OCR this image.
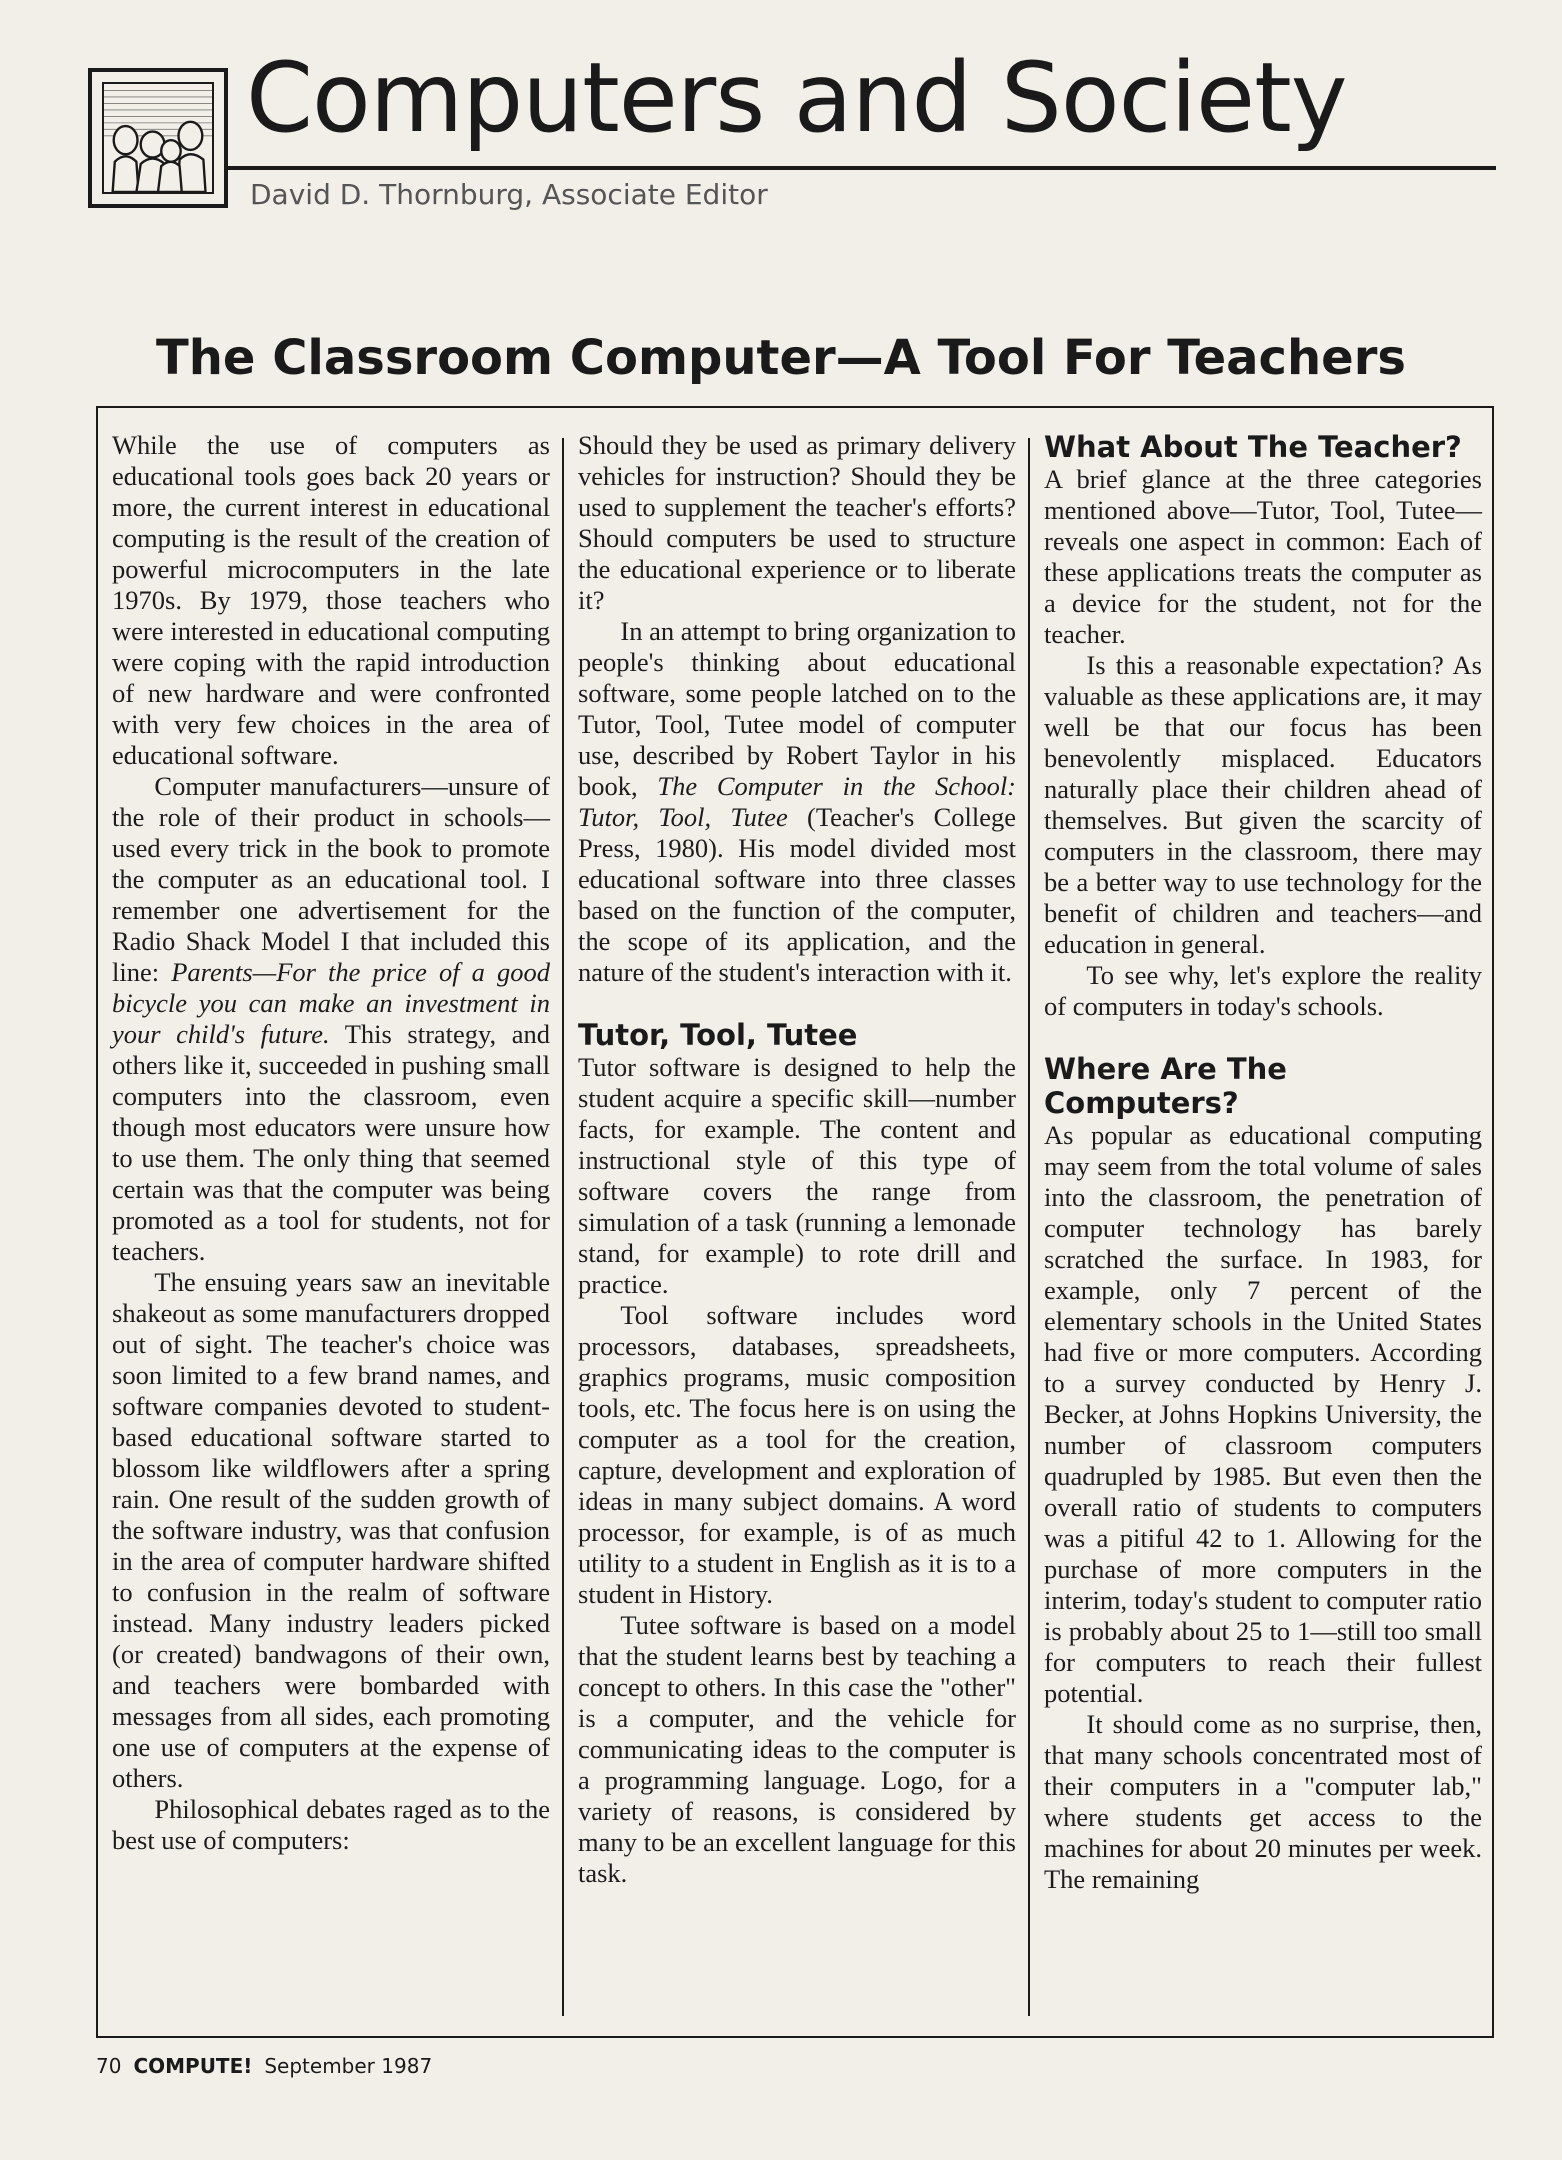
Computers and Society
David D. Thornburg, Associate Editor
The Classroom Computer—A Tool For Teachers

While the use of computers as educational tools goes back 20 years or more, the current interest in educational computing is the result of the creation of powerful microcomputers in the late 1970s. By 1979, those teachers who were interested in educational computing were coping with the rapid introduction of new hardware and were confronted with very few choices in the area of educational software.

Computer manufacturers—unsure of the role of their product in schools—used every trick in the book to promote the computer as an educational tool. I remember one advertisement for the Radio Shack Model I that included this line: Parents—For the price of a good bicycle you can make an investment in your child's future. This strategy, and others like it, succeeded in pushing small computers into the classroom, even though most educators were unsure how to use them. The only thing that seemed certain was that the computer was being promoted as a tool for students, not for teachers.

The ensuing years saw an inevitable shakeout as some manufacturers dropped out of sight. The teacher's choice was soon limited to a few brand names, and software companies devoted to student-based educational software started to blossom like wildflowers after a spring rain. One result of the sudden growth of the software industry, was that confusion in the area of computer hardware shifted to confusion in the realm of software instead. Many industry leaders picked (or created) bandwagons of their own, and teachers were bombarded with messages from all sides, each promoting one use of computers at the expense of others.

Philosophical debates raged as to the best use of computers:

Should they be used as primary delivery vehicles for instruction? Should they be used to supplement the teacher's efforts? Should computers be used to structure the educational experience or to liberate it?

In an attempt to bring organization to people's thinking about educational software, some people latched on to the Tutor, Tool, Tutee model of computer use, described by Robert Taylor in his book, The Computer in the School: Tutor, Tool, Tutee (Teacher's College Press, 1980). His model divided most educational software into three classes based on the function of the computer, the scope of its application, and the nature of the student's interaction with it.

Tutor, Tool, Tutee

Tutor software is designed to help the student acquire a specific skill—number facts, for example. The content and instructional style of this type of software covers the range from simulation of a task (running a lemonade stand, for example) to rote drill and practice.

Tool software includes word processors, databases, spreadsheets, graphics programs, music composition tools, etc. The focus here is on using the computer as a tool for the creation, capture, development and exploration of ideas in many subject domains. A word processor, for example, is of as much utility to a student in English as it is to a student in History.

Tutee software is based on a model that the student learns best by teaching a concept to others. In this case the "other" is a computer, and the vehicle for communicating ideas to the computer is a programming language. Logo, for a variety of reasons, is considered by many to be an excellent language for this task.

What About The Teacher?

A brief glance at the three categories mentioned above—Tutor, Tool, Tutee—reveals one aspect in common: Each of these applications treats the computer as a device for the student, not for the teacher.

Is this a reasonable expectation? As valuable as these applications are, it may well be that our focus has been benevolently misplaced. Educators naturally place their children ahead of themselves. But given the scarcity of computers in the classroom, there may be a better way to use technology for the benefit of children and teachers—and education in general.

To see why, let's explore the reality of computers in today's schools.

Where Are The Computers?

As popular as educational computing may seem from the total volume of sales into the classroom, the penetration of computer technology has barely scratched the surface. In 1983, for example, only 7 percent of the elementary schools in the United States had five or more computers. According to a survey conducted by Henry J. Becker, at Johns Hopkins University, the number of classroom computers quadrupled by 1985. But even then the overall ratio of students to computers was a pitiful 42 to 1. Allowing for the purchase of more computers in the interim, today's student to computer ratio is probably about 25 to 1—still too small for computers to reach their fullest potential.

It should come as no surprise, then, that many schools concentrated most of their computers in a "computer lab," where students get access to the machines for about 20 minutes per week. The remaining

70 COMPUTE! September 1987
